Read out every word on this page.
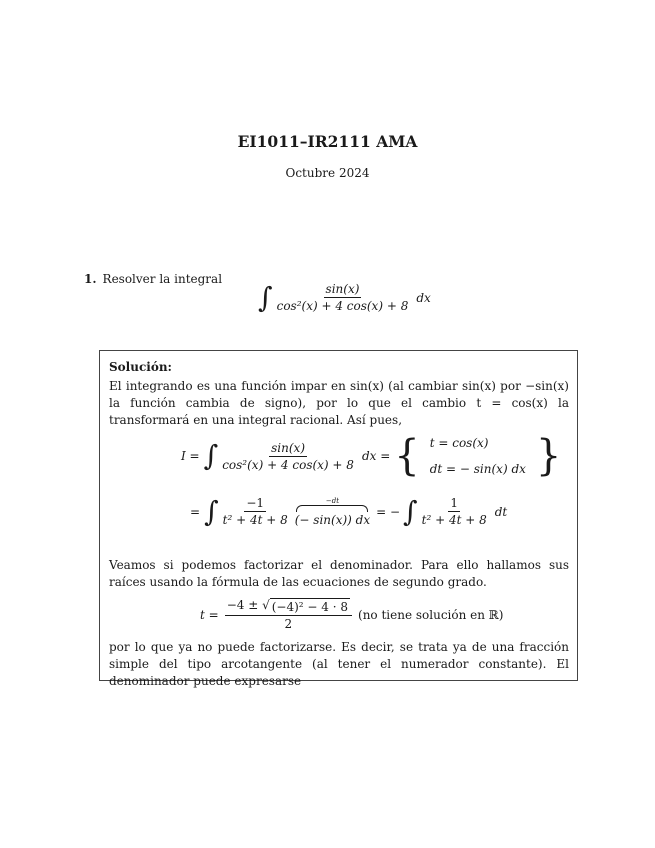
EI1011–IR2111 AMA
Octubre 2024
1. Resolver la integral
∫ $\frac{\sin(x)}{\text{cos²(x) + 4 cos(x) + 8}}$ dx
Solución:
El integrando es una función impar en sin(x) (al cambiar sin(x) por −sin(x) la función cambia de signo), por lo que el cambio t = cos(x) la transformará en una integral racional. Así pues,
I = ∫ $\frac{\sin(x)}{\text{cos²(x) + 4 cos(x) + 8}}$ dx = { t = cos(x)
dt = − sin(x) dx }
= ∫ $\frac{-1}{\text{t² + 4t + 8}}$	−dt
(− sin(x)) dx
= − ∫ $\frac{1}{\text{t² + 4t + 8}}$ dt
Veamos si podemos factorizar el denominador. Para ello hallamos sus raíces usando la fórmula de las ecuaciones de segundo grado.
$t = \frac{\text{−4 ± √ (−4)² − 4 · 8}}{2} (no$ tiene solución en ℝ)
por lo que ya no puede factorizarse. Es decir, se trata ya de una fracción simple del tipo arcotangente (al tener el numerador constante). El denominador puede expresarse
